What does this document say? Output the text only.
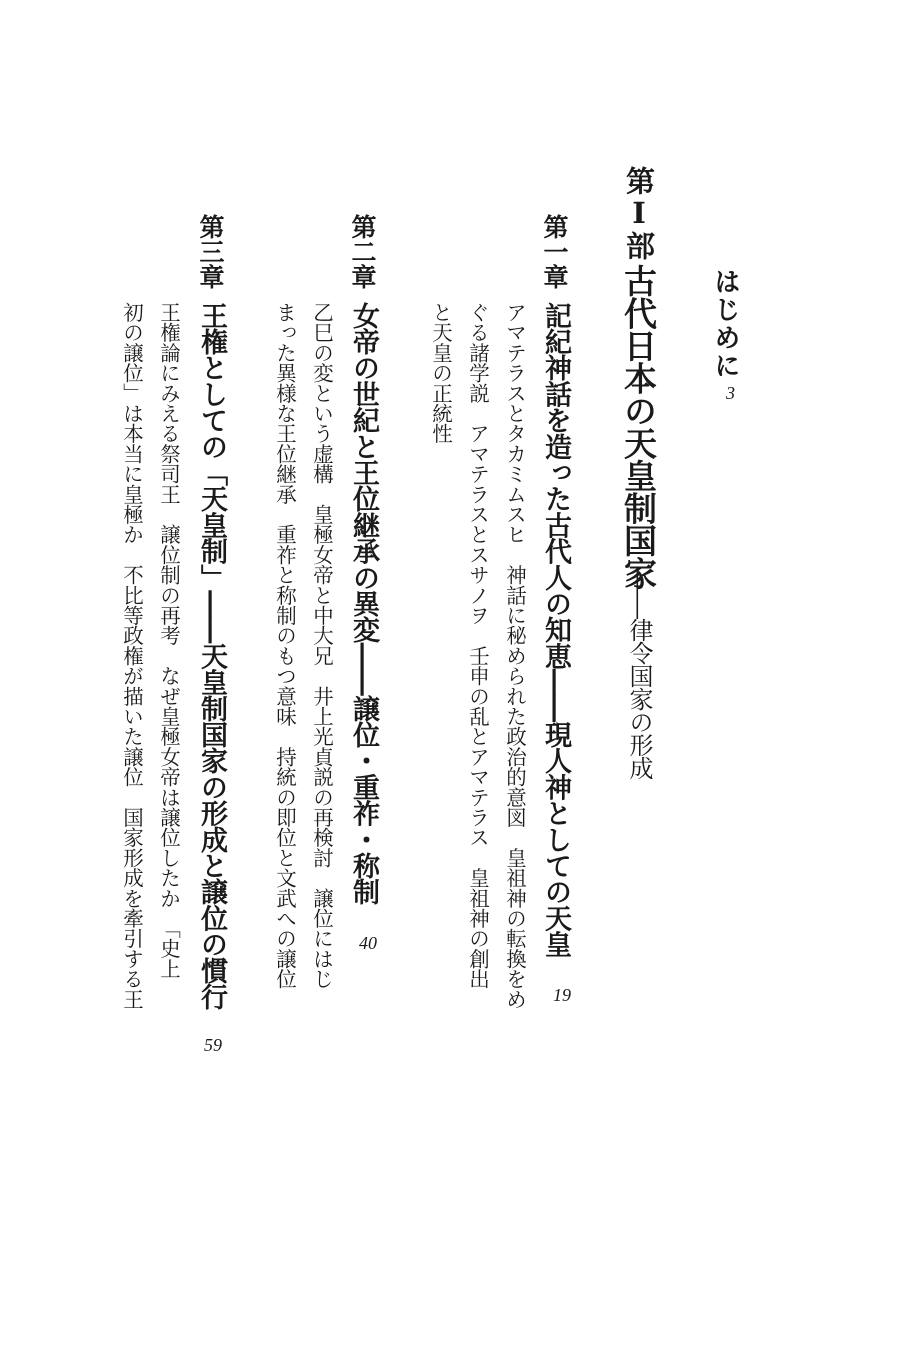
はじめに
3
第Ⅰ部
古代日本の天皇制国家
――律令国家の形成
第一章
記紀神話を造った古代人の知恵――現人神としての天皇
19
アマテラスとタカミムスヒ　神話に秘められた政治的意図　皇祖神の転換をめ
ぐる諸学説　アマテラスとスサノヲ　壬申の乱とアマテラス　皇祖神の創出
と天皇の正統性
第二章
女帝の世紀と王位継承の異変――譲位・重祚・称制
40
乙巳の変という虚構　皇極女帝と中大兄　井上光貞説の再検討　譲位にはじ
まった異様な王位継承　重祚と称制のもつ意味　持統の即位と文武への譲位
第三章
王権としての「天皇制」――天皇制国家の形成と譲位の慣行
59
王権論にみえる祭司王　譲位制の再考　なぜ皇極女帝は譲位したか　「史上
初の譲位」は本当に皇極か　不比等政権が描いた譲位　国家形成を牽引する王
